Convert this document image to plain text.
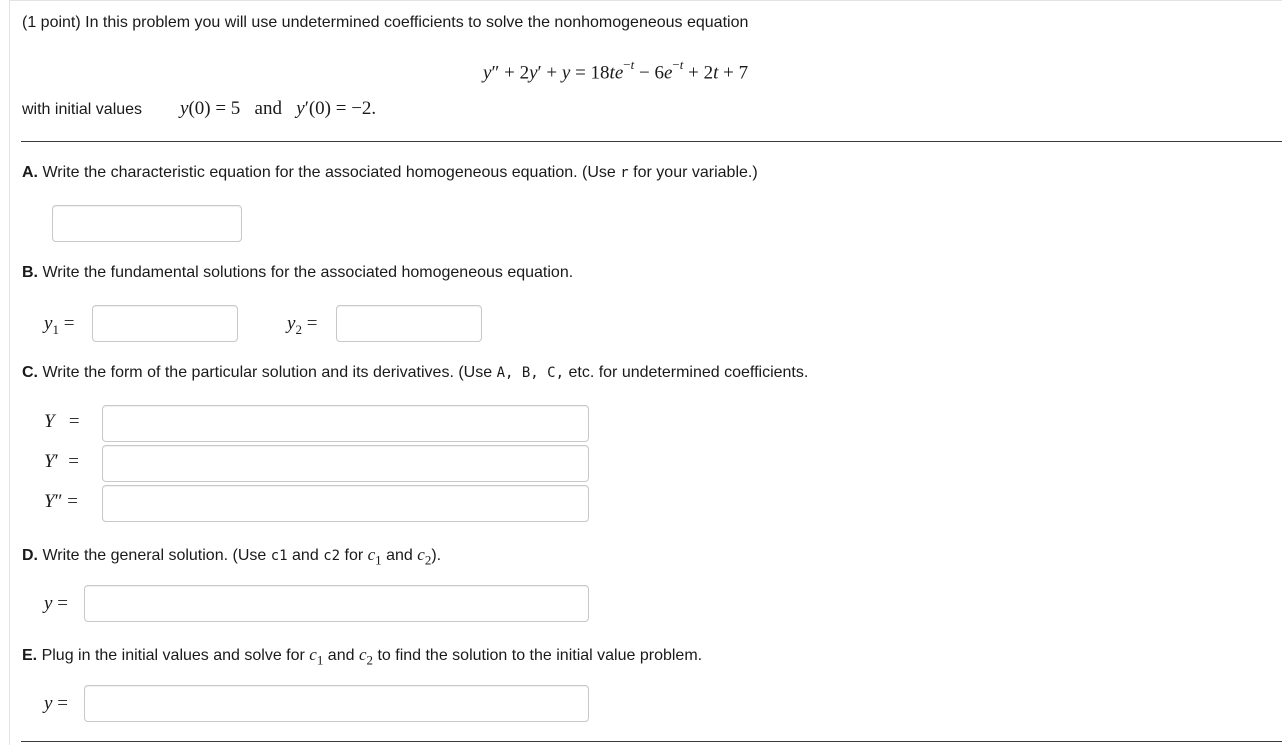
(1 point) In this problem you will use undetermined coefficients to solve the nonhomogeneous equation
$y'' + 2y' + y = 18te^{-t} - 6e^{-t} + 2t + 7$
with initial values y(0) = 5   and   y′(0) = −2.
A. Write the characteristic equation for the associated homogeneous equation. (Use r for your variable.)
B. Write the fundamental solutions for the associated homogeneous equation.
$y_1$ =	$y_2$ =
C. Write the form of the particular solution and its derivatives. (Use A, B, C, etc. for undetermined coefficients.
Y =
Y′  =
Y″ =
D. Write the general solution. (Use c1 and c2 for $c_1$ and $c_2$).
y =
E. Plug in the initial values and solve for $c_1$ and $c_2$ to find the solution to the initial value problem.
y =
